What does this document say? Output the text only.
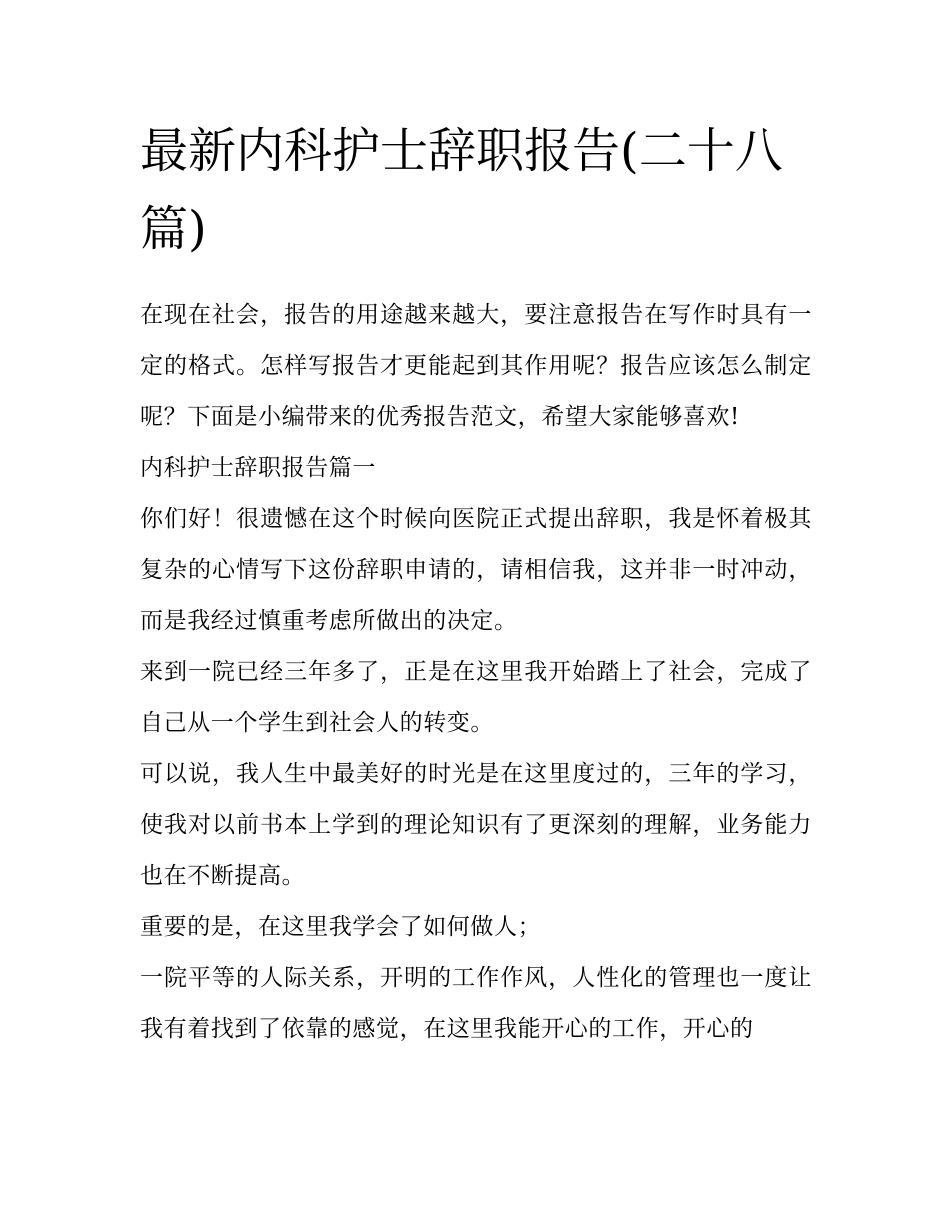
最新内科护士辞职报告(二十八篇)

在现在社会，报告的用途越来越大，要注意报告在写作时具有一定的格式。怎样写报告才更能起到其作用呢？报告应该怎么制定呢？下面是小编带来的优秀报告范文，希望大家能够喜欢!

内科护士辞职报告篇一

你们好！很遗憾在这个时候向医院正式提出辞职，我是怀着极其复杂的心情写下这份辞职申请的，请相信我，这并非一时冲动，而是我经过慎重考虑所做出的决定。

来到一院已经三年多了，正是在这里我开始踏上了社会，完成了自己从一个学生到社会人的转变。

可以说，我人生中最美好的时光是在这里度过的，三年的学习，使我对以前书本上学到的理论知识有了更深刻的理解，业务能力也在不断提高。

重要的是，在这里我学会了如何做人；

一院平等的人际关系，开明的工作作风，人性化的管理也一度让我有着找到了依靠的感觉，在这里我能开心的工作，开心的
